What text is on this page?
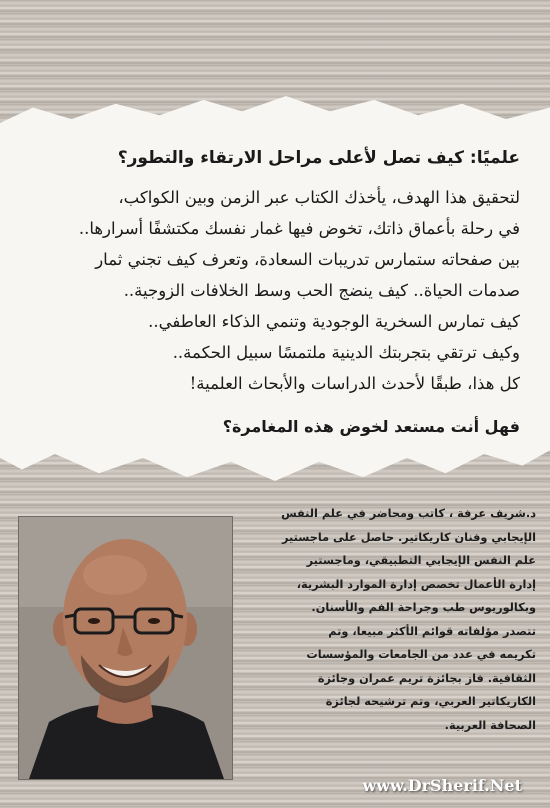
علميًا: كيف تصل لأعلى مراحل الارتقاء والتطور؟

لتحقيق هذا الهدف، يأخذك الكتاب عبر الزمن وبين الكواكب،

في رحلة بأعماق ذاتك، تخوض فيها غمار نفسك مكتشفًا أسرارها..

بين صفحاته ستمارس تدريبات السعادة، وتعرف كيف تجني ثمار

صدمات الحياة.. كيف ينضج الحب وسط الخلافات الزوجية..

كيف تمارس السخرية الوجودية وتنمي الذكاء العاطفي..

وكيف ترتقي بتجربتك الدينية ملتمسًا سبيل الحكمة..

كل هذا، طبقًا لأحدث الدراسات والأبحاث العلمية!

فهل أنت مستعد لخوض هذه المغامرة؟

د.شريف عرفة ، كاتب ومحاضر في علم النفس

الإيجابي وفنان كاريكاتير. حاصل على ماجستير

علم النفس الإيجابي التطبيقي، وماجستير

إدارة الأعمال تخصص إدارة الموارد البشرية،

وبكالوريوس طب وجراحة الفم والأسنان.

تتصدر مؤلفاته قوائم الأكثر مبيعا، وتم

تكريمه في عدد من الجامعات والمؤسسات

الثقافية. فاز بجائزة تريم عمران وجائزة

الكاريكاتير العربي، وتم ترشيحه لجائزة

الصحافة العربية.

www.DrSherif.Net
